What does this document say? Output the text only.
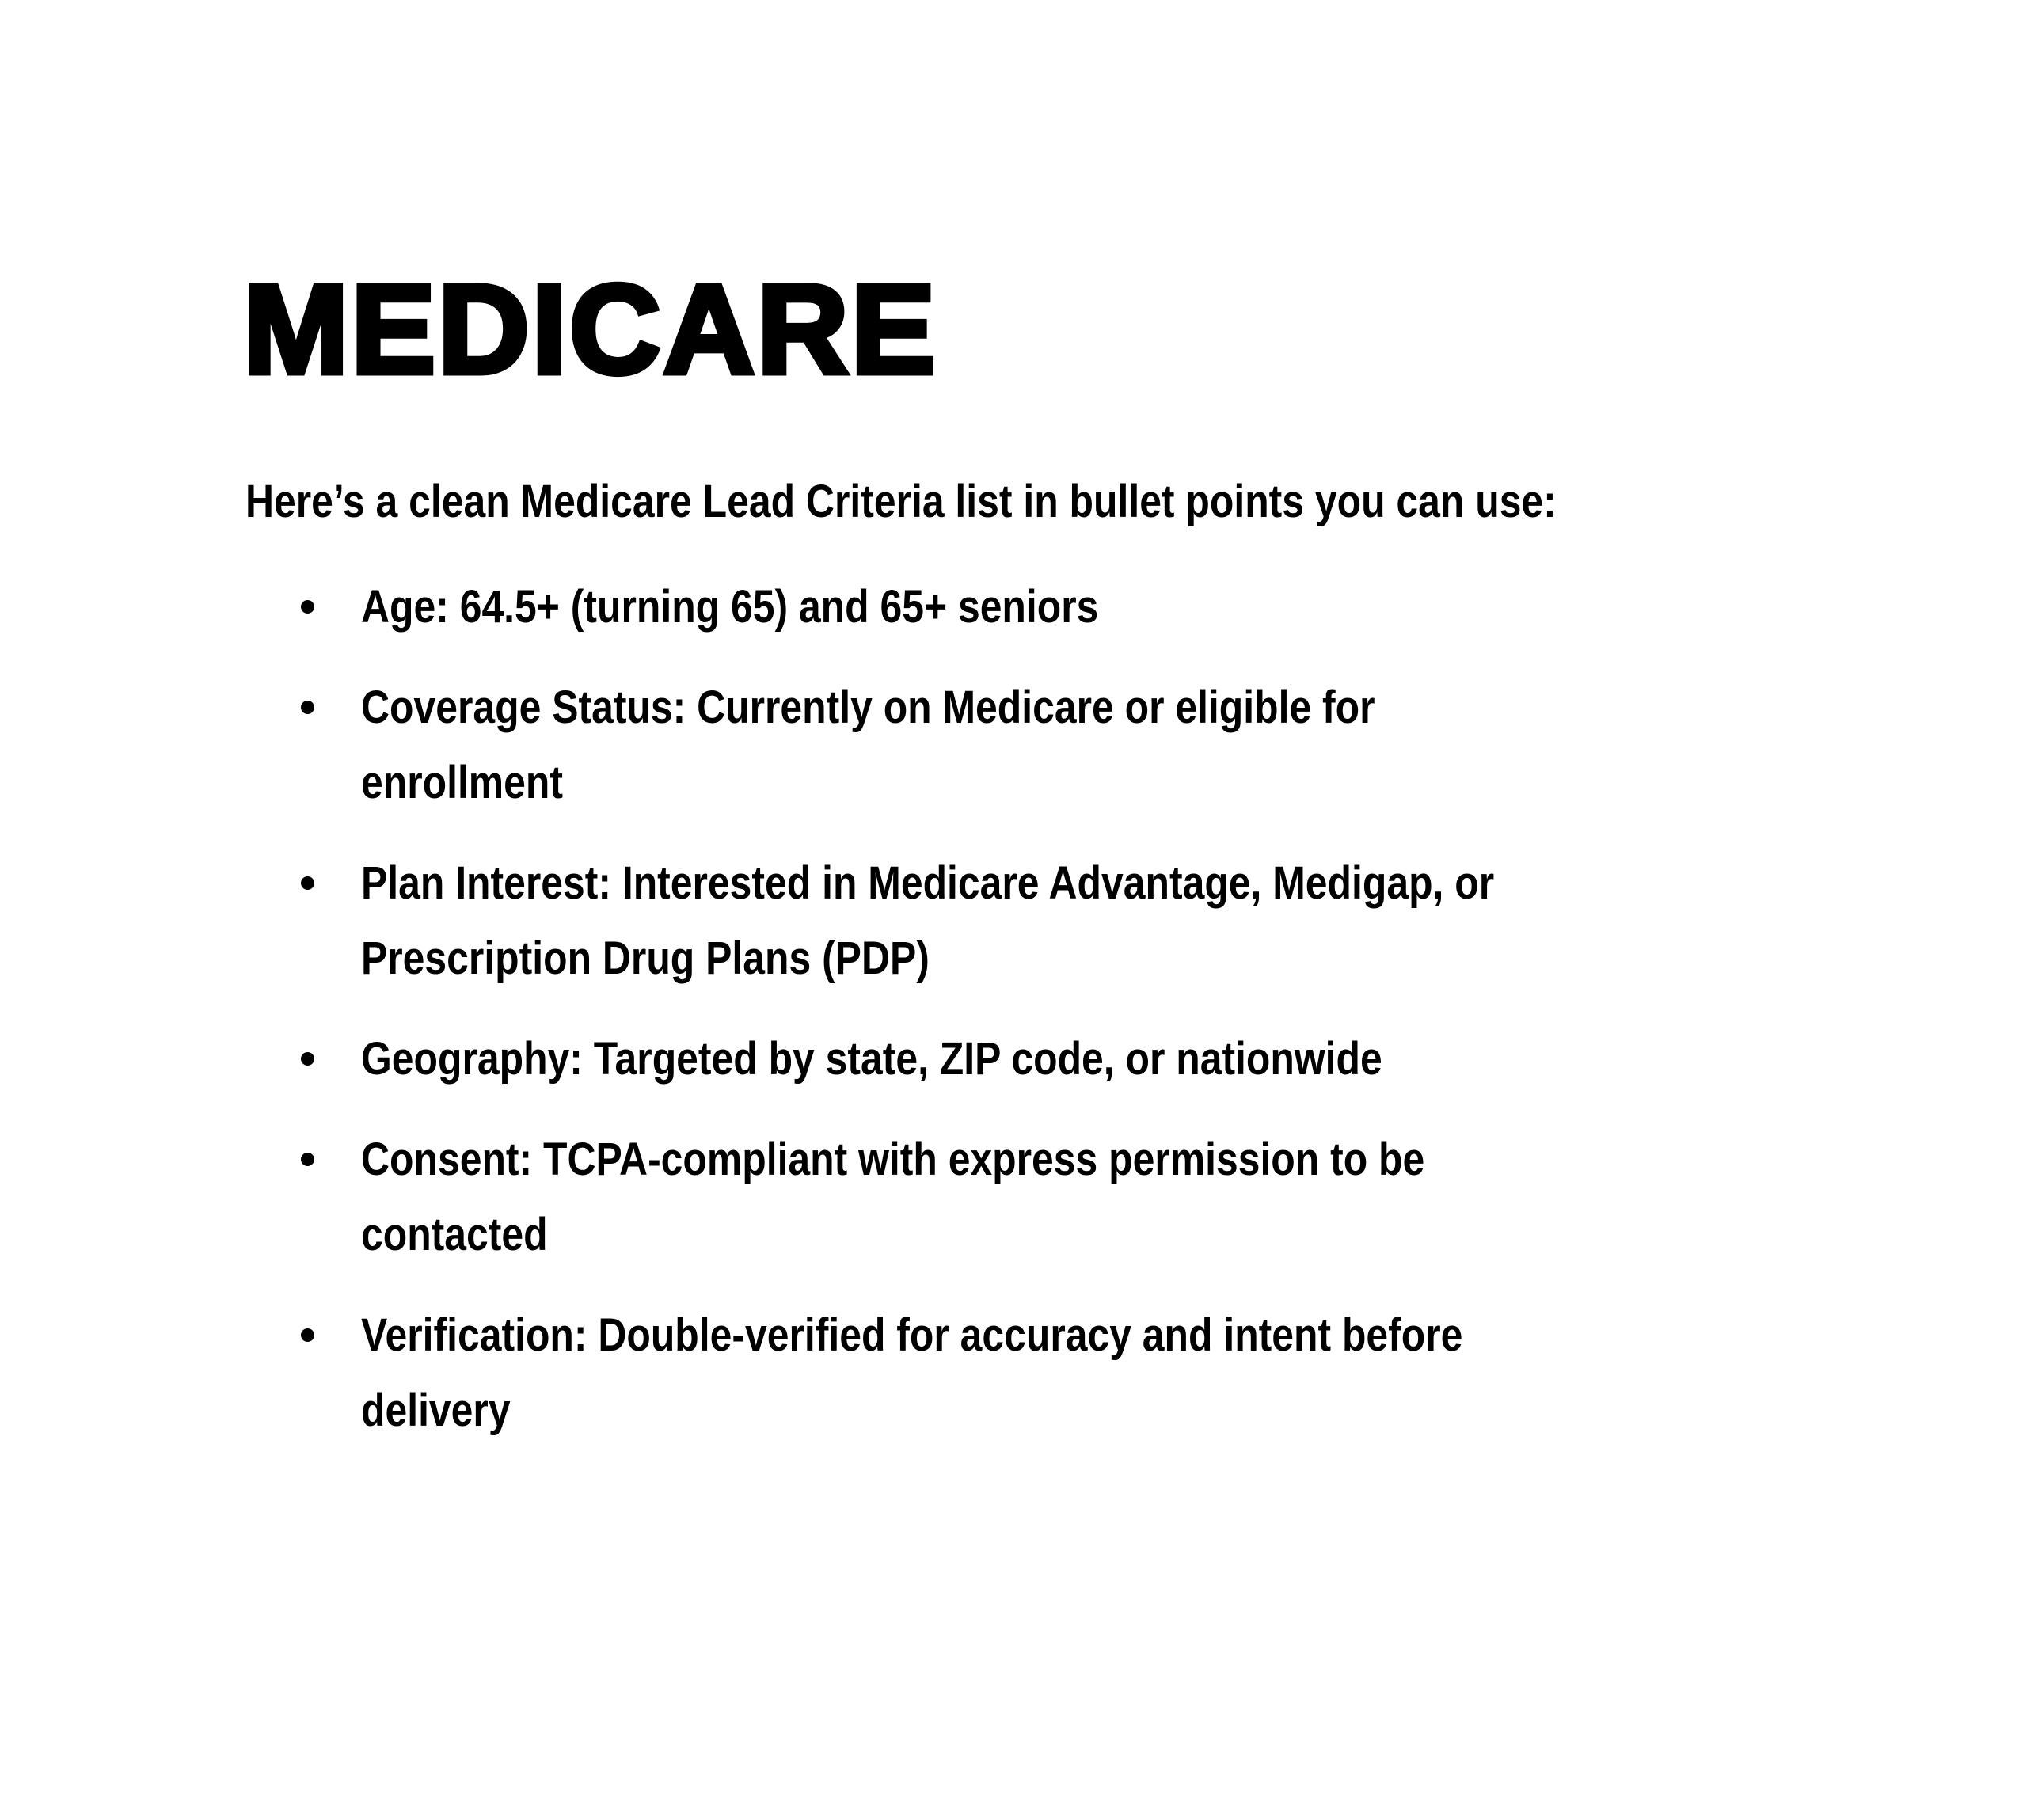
MEDICARE

Here’s a clean Medicare Lead Criteria list in bullet points you can use:

Age: 64.5+ (turning 65) and 65+ seniors
Coverage Status: Currently on Medicare or eligible for
enrollment
Plan Interest: Interested in Medicare Advantage, Medigap, or
Prescription Drug Plans (PDP)
Geography: Targeted by state, ZIP code, or nationwide
Consent: TCPA-compliant with express permission to be
contacted
Verification: Double-verified for accuracy and intent before
delivery
